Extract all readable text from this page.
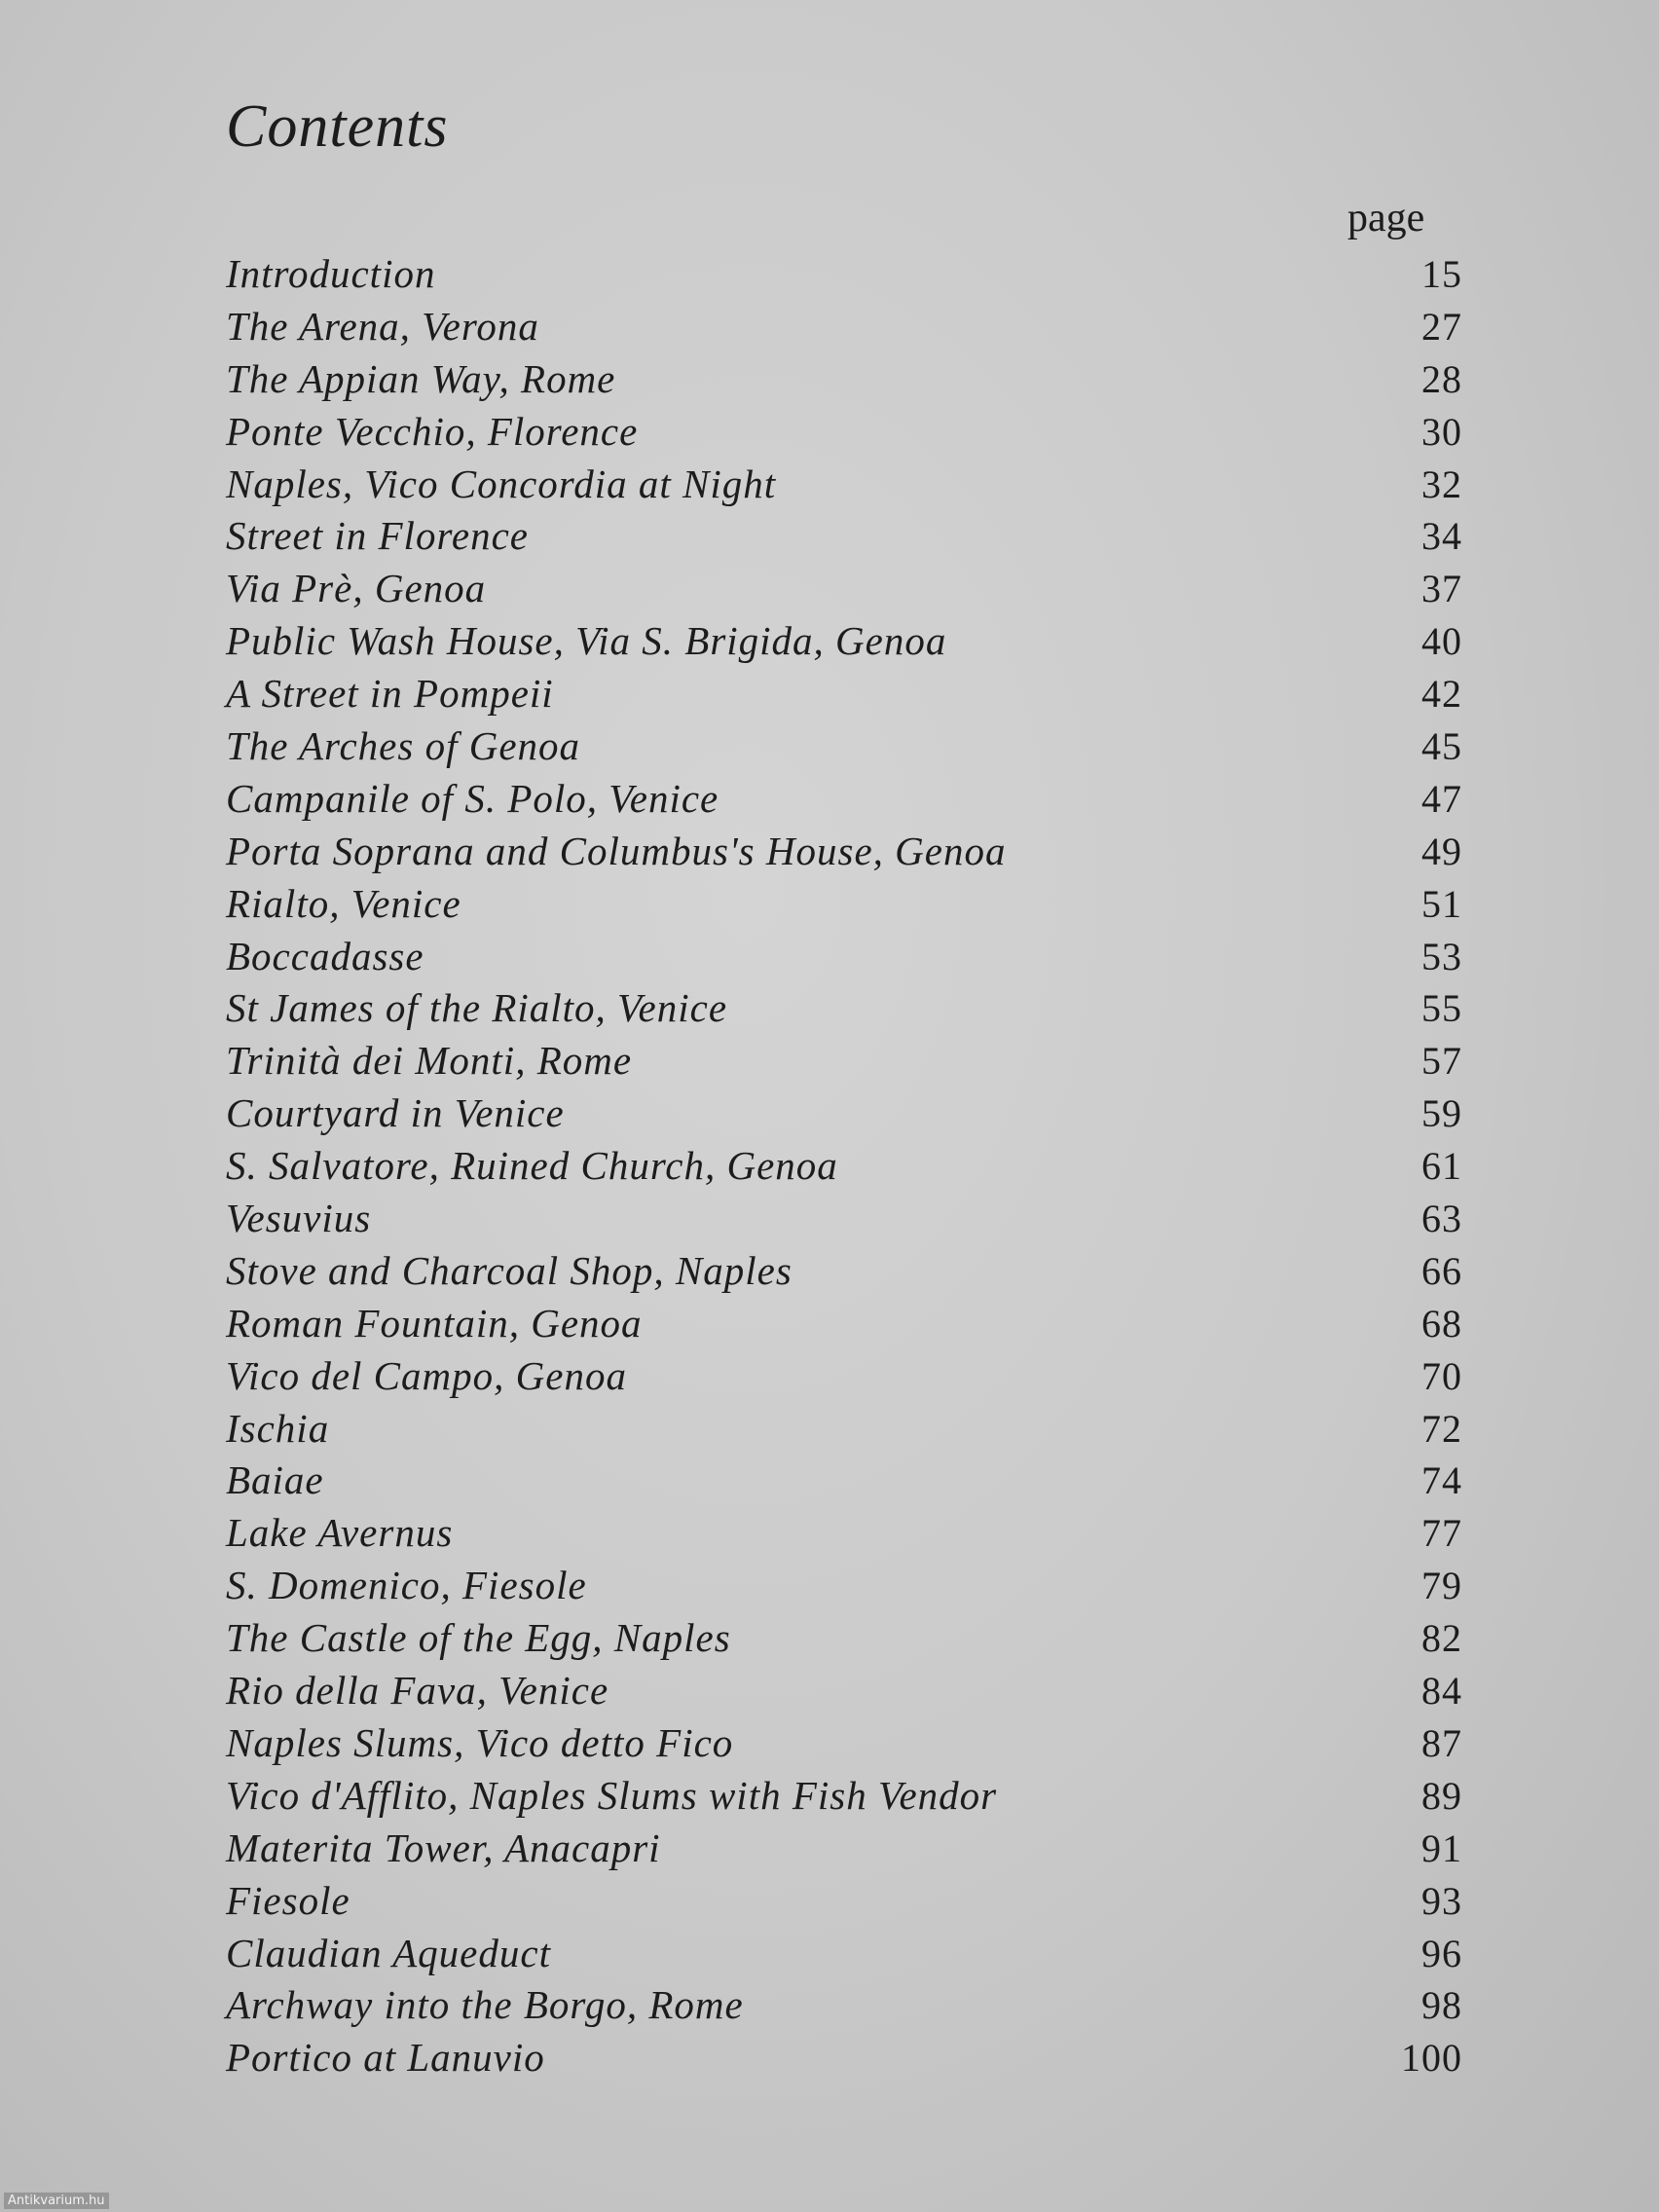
Contents
page
Introduction	15
The Arena, Verona	27
The Appian Way, Rome	28
Ponte Vecchio, Florence	30
Naples, Vico Concordia at Night	32
Street in Florence	34
Via Prè, Genoa	37
Public Wash House, Via S. Brigida, Genoa	40
A Street in Pompeii	42
The Arches of Genoa	45
Campanile of S. Polo, Venice	47
Porta Soprana and Columbus's House, Genoa	49
Rialto, Venice	51
Boccadasse	53
St James of the Rialto, Venice	55
Trinità dei Monti, Rome	57
Courtyard in Venice	59
S. Salvatore, Ruined Church, Genoa	61
Vesuvius	63
Stove and Charcoal Shop, Naples	66
Roman Fountain, Genoa	68
Vico del Campo, Genoa	70
Ischia	72
Baiae	74
Lake Avernus	77
S. Domenico, Fiesole	79
The Castle of the Egg, Naples	82
Rio della Fava, Venice	84
Naples Slums, Vico detto Fico	87
Vico d'Afflito, Naples Slums with Fish Vendor	89
Materita Tower, Anacapri	91
Fiesole	93
Claudian Aqueduct	96
Archway into the Borgo, Rome	98
Portico at Lanuvio	100
Antikvarium.hu
